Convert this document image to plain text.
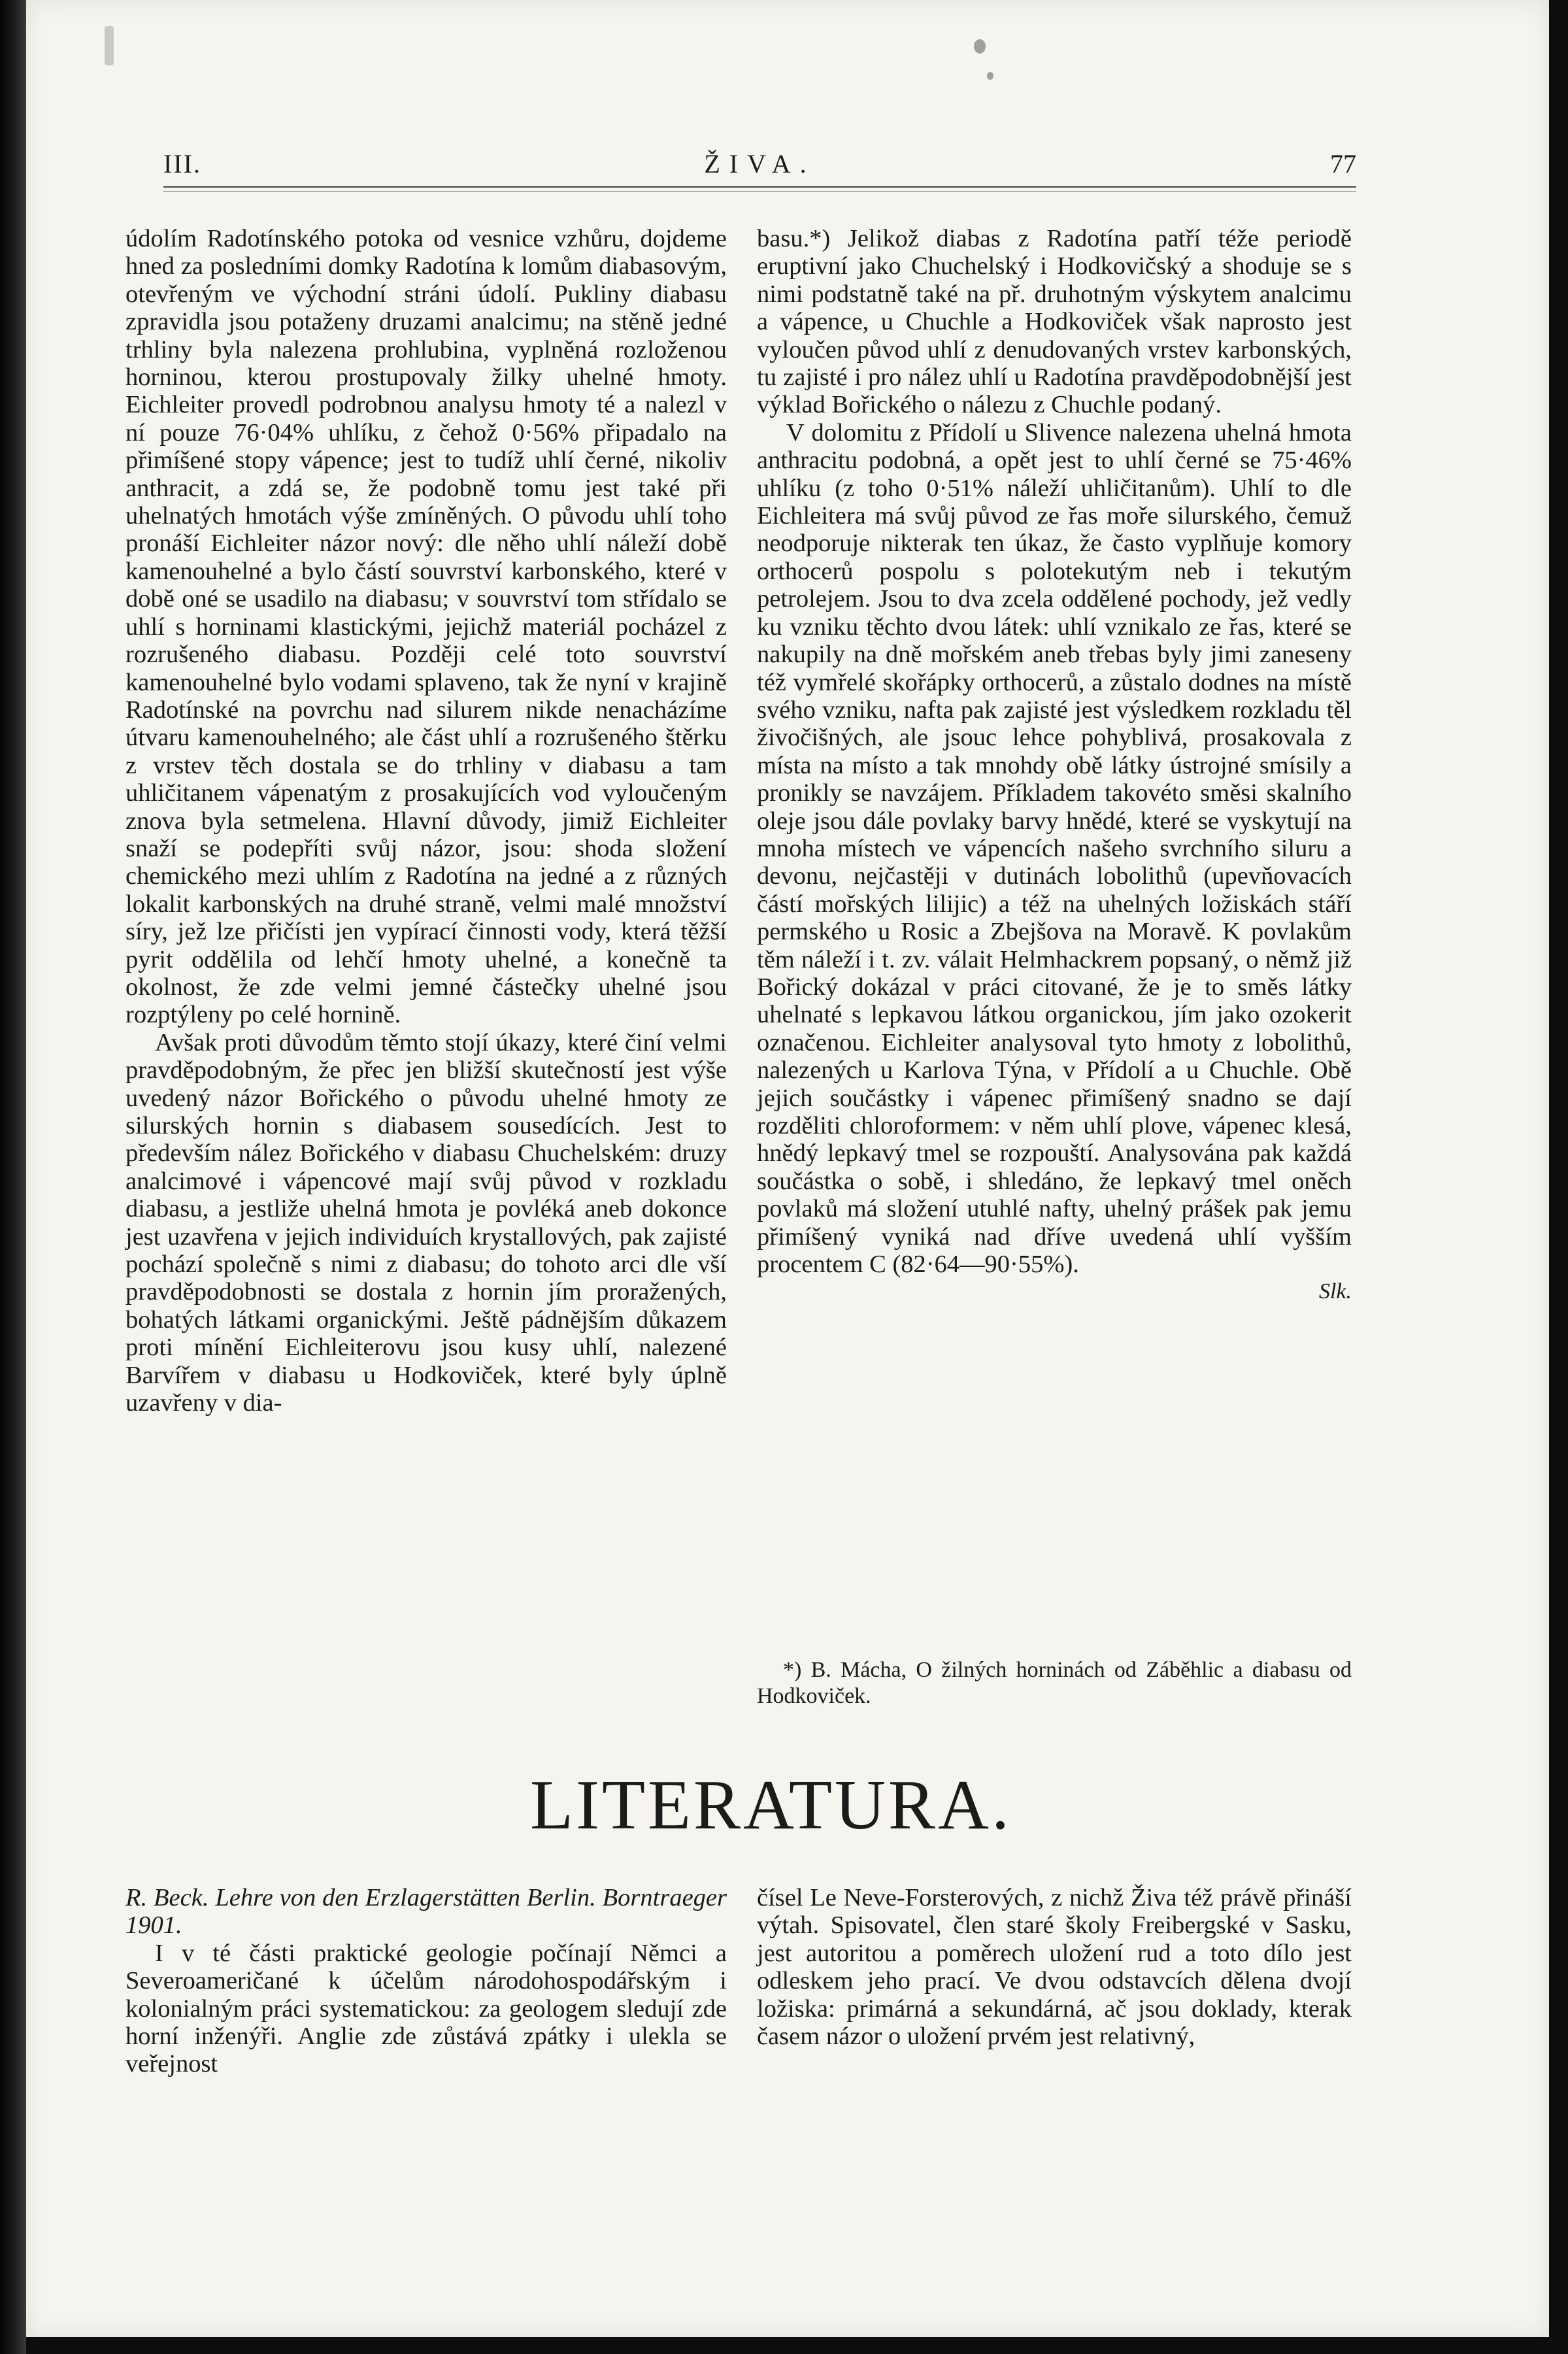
III.	ŽIVA.	77

údolím Radotínského potoka od vesnice vzhůru, dojdeme hned za posledními domky Radotína k lomům diabasovým, otevřeným ve východní stráni údolí. Pukliny diabasu zpravidla jsou potaženy druzami analcimu; na stěně jedné trhliny byla nalezena prohlubina, vyplněná rozloženou horninou, kterou prostupovaly žilky uhelné hmoty. Eichleiter provedl podrobnou analysu hmoty té a nalezl v ní pouze 76·04% uhlíku, z čehož 0·56% připadalo na přimíšené stopy vápence; jest to tudíž uhlí černé, nikoliv anthracit, a zdá se, že podobně tomu jest také při uhelnatých hmotách výše zmíněných. O původu uhlí toho pronáší Eichleiter názor nový: dle něho uhlí náleží době kamenouhelné a bylo částí souvrství karbonského, které v době oné se usadilo na diabasu; v souvrství tom střídalo se uhlí s horninami klastickými, jejichž materiál pocházel z rozrušeného diabasu. Později celé toto souvrství kamenouhelné bylo vodami splaveno, tak že nyní v krajině Radotínské na povrchu nad silurem nikde nenacházíme útvaru kamenouhelného; ale část uhlí a rozrušeného štěrku z vrstev těch dostala se do trhliny v diabasu a tam uhličitanem vápenatým z prosakujících vod vyloučeným znova byla setmelena. Hlavní důvody, jimiž Eichleiter snaží se podepříti svůj názor, jsou: shoda složení chemického mezi uhlím z Radotína na jedné a z různých lokalit karbonských na druhé straně, velmi malé množství síry, jež lze přičísti jen vypírací činnosti vody, která těžší pyrit oddělila od lehčí hmoty uhelné, a konečně ta okolnost, že zde velmi jemné částečky uhelné jsou rozptýleny po celé hornině.

Avšak proti důvodům těmto stojí úkazy, které činí velmi pravděpodobným, že přec jen bližší skutečností jest výše uvedený názor Bořického o původu uhelné hmoty ze silurských hornin s diabasem sousedících. Jest to především nález Bořického v diabasu Chuchelském: druzy analcimové i vápencové mají svůj původ v rozkladu diabasu, a jestliže uhelná hmota je povléká aneb dokonce jest uzavřena v jejich individuích krystallových, pak zajisté pochází společně s nimi z diabasu; do tohoto arci dle vší pravděpodobnosti se dostala z hornin jím proražených, bohatých látkami organickými. Ještě pádnějším důkazem proti mínění Eichleiterovu jsou kusy uhlí, nalezené Barvířem v diabasu u Hodkoviček, které byly úplně uzavřeny v dia-

basu.*) Jelikož diabas z Radotína patří téže periodě eruptivní jako Chuchelský i Hodkovičský a shoduje se s nimi podstatně také na př. druhotným výskytem analcimu a vápence, u Chuchle a Hodkoviček však naprosto jest vyloučen původ uhlí z denudovaných vrstev karbonských, tu zajisté i pro nález uhlí u Radotína pravděpodobnější jest výklad Bořického o nálezu z Chuchle podaný.

V dolomitu z Přídolí u Slivence nalezena uhelná hmota anthracitu podobná, a opět jest to uhlí černé se 75·46% uhlíku (z toho 0·51% náleží uhličitanům). Uhlí to dle Eichleitera má svůj původ ze řas moře silurského, čemuž neodporuje nikterak ten úkaz, že často vyplňuje komory orthocerů pospolu s polotekutým neb i tekutým petrolejem. Jsou to dva zcela oddělené pochody, jež vedly ku vzniku těchto dvou látek: uhlí vznikalo ze řas, které se nakupily na dně mořském aneb třebas byly jimi zaneseny též vymřelé skořápky orthocerů, a zůstalo dodnes na místě svého vzniku, nafta pak zajisté jest výsledkem rozkladu těl živočišných, ale jsouc lehce pohyblivá, prosakovala z místa na místo a tak mnohdy obě látky ústrojné smísily a pronikly se navzájem. Příkladem takovéto směsi skalního oleje jsou dále povlaky barvy hnědé, které se vyskytují na mnoha místech ve vápencích našeho svrchního siluru a devonu, nejčastěji v dutinách lobolithů (upevňovacích částí mořských lilijic) a též na uhelných ložiskách stáří permského u Rosic a Zbejšova na Moravě. K povlakům těm náleží i t. zv. válait Helmhackrem popsaný, o němž již Bořický dokázal v práci citované, že je to směs látky uhelnaté s lepkavou látkou organickou, jím jako ozokerit označenou. Eichleiter analysoval tyto hmoty z lobolithů, nalezených u Karlova Týna, v Přídolí a u Chuchle. Obě jejich součástky i vápenec přimíšený snadno se dají rozděliti chloroformem: v něm uhlí plove, vápenec klesá, hnědý lepkavý tmel se rozpouští. Analysována pak každá součástka o sobě, i shledáno, že lepkavý tmel oněch povlaků má složení utuhlé nafty, uhelný prášek pak jemu přimíšený vyniká nad dříve uvedená uhlí vyšším procentem C (82·64—90·55%).

Slk.

*) B. Mácha, O žilných horninách od Záběhlic a diabasu od Hodkoviček.

LITERATURA.

R. Beck. Lehre von den Erzlagerstätten Berlin. Borntraeger 1901.

I v té části praktické geologie počínají Němci a Severoameričané k účelům národohospodářským i kolonialným práci systematickou: za geologem sledují zde horní inženýři. Anglie zde zůstává zpátky i ulekla se veřejnost

čísel Le Neve-Forsterových, z nichž Živa též právě přináší výtah. Spisovatel, člen staré školy Freibergské v Sasku, jest autoritou a poměrech uložení rud a toto dílo jest odleskem jeho prací. Ve dvou odstavcích dělena dvojí ložiska: primárná a sekundárná, ač jsou doklady, kterak časem názor o uložení prvém jest relativný,
